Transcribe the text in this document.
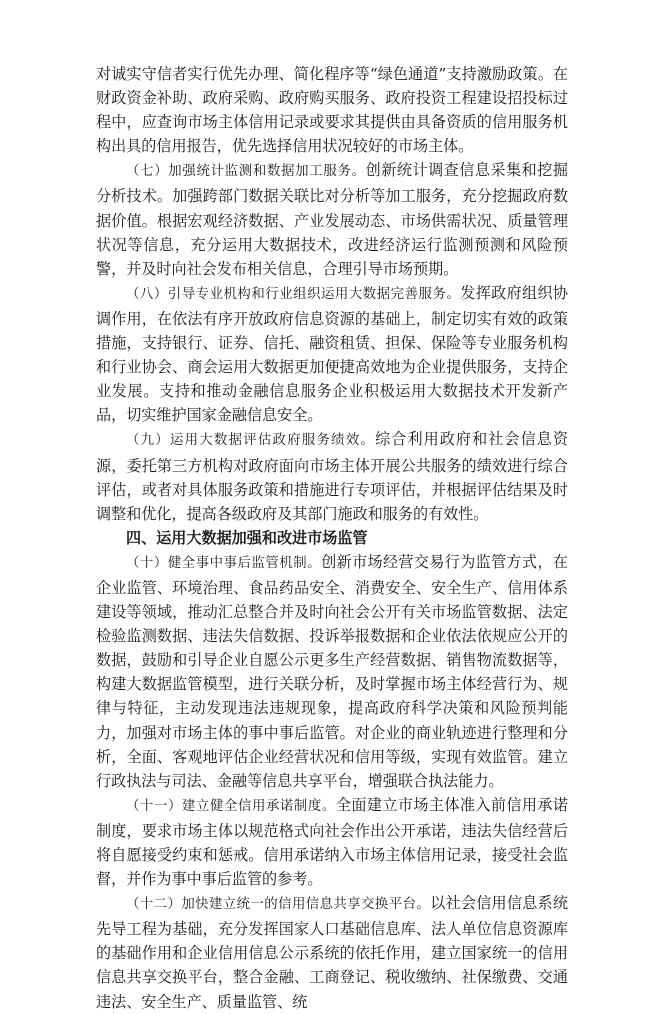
对诚实守信者实行优先办理、简化程序等“绿色通道”支持激励政策。在财政资金补助、政府采购、政府购买服务、政府投资工程建设招投标过程中，应查询市场主体信用记录或要求其提供由具备资质的信用服务机构出具的信用报告，优先选择信用状况较好的市场主体。

（七）加强统计监测和数据加工服务。创新统计调查信息采集和挖掘分析技术。加强跨部门数据关联比对分析等加工服务，充分挖掘政府数据价值。根据宏观经济数据、产业发展动态、市场供需状况、质量管理状况等信息，充分运用大数据技术，改进经济运行监测预测和风险预警，并及时向社会发布相关信息，合理引导市场预期。

（八）引导专业机构和行业组织运用大数据完善服务。发挥政府组织协调作用，在依法有序开放政府信息资源的基础上，制定切实有效的政策措施，支持银行、证券、信托、融资租赁、担保、保险等专业服务机构和行业协会、商会运用大数据更加便捷高效地为企业提供服务，支持企业发展。支持和推动金融信息服务企业积极运用大数据技术开发新产品，切实维护国家金融信息安全。

（九）运用大数据评估政府服务绩效。综合利用政府和社会信息资源，委托第三方机构对政府面向市场主体开展公共服务的绩效进行综合评估，或者对具体服务政策和措施进行专项评估，并根据评估结果及时调整和优化，提高各级政府及其部门施政和服务的有效性。

四、运用大数据加强和改进市场监管

（十）健全事中事后监管机制。创新市场经营交易行为监管方式，在企业监管、环境治理、食品药品安全、消费安全、安全生产、信用体系建设等领域，推动汇总整合并及时向社会公开有关市场监管数据、法定检验监测数据、违法失信数据、投诉举报数据和企业依法依规应公开的数据，鼓励和引导企业自愿公示更多生产经营数据、销售物流数据等，构建大数据监管模型，进行关联分析，及时掌握市场主体经营行为、规律与特征，主动发现违法违规现象，提高政府科学决策和风险预判能力，加强对市场主体的事中事后监管。对企业的商业轨迹进行整理和分析，全面、客观地评估企业经营状况和信用等级，实现有效监管。建立行政执法与司法、金融等信息共享平台，增强联合执法能力。

（十一）建立健全信用承诺制度。全面建立市场主体准入前信用承诺制度，要求市场主体以规范格式向社会作出公开承诺，违法失信经营后将自愿接受约束和惩戒。信用承诺纳入市场主体信用记录，接受社会监督，并作为事中事后监管的参考。

（十二）加快建立统一的信用信息共享交换平台。以社会信用信息系统先导工程为基础，充分发挥国家人口基础信息库、法人单位信息资源库的基础作用和企业信用信息公示系统的依托作用，建立国家统一的信用信息共享交换平台，整合金融、工商登记、税收缴纳、社保缴费、交通违法、安全生产、质量监管、统
